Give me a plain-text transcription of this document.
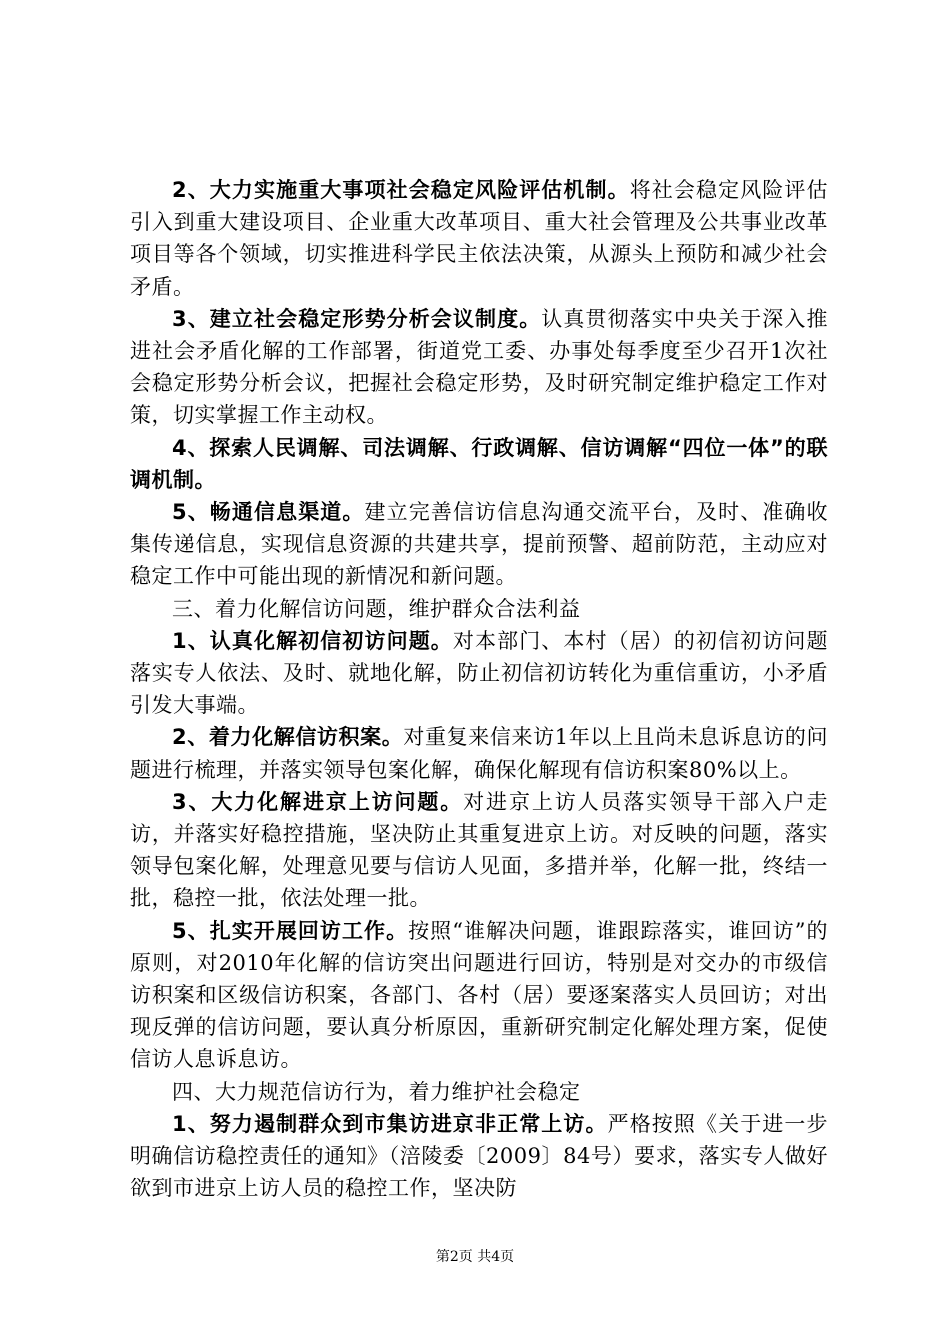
2、大力实施重大事项社会稳定风险评估机制。将社会稳定风险评估引入到重大建设项目、企业重大改革项目、重大社会管理及公共事业改革项目等各个领域，切实推进科学民主依法决策，从源头上预防和减少社会矛盾。

3、建立社会稳定形势分析会议制度。认真贯彻落实中央关于深入推进社会矛盾化解的工作部署，街道党工委、办事处每季度至少召开1次社会稳定形势分析会议，把握社会稳定形势，及时研究制定维护稳定工作对策，切实掌握工作主动权。

4、探索人民调解、司法调解、行政调解、信访调解“四位一体”的联调机制。

5、畅通信息渠道。建立完善信访信息沟通交流平台，及时、准确收集传递信息，实现信息资源的共建共享，提前预警、超前防范，主动应对稳定工作中可能出现的新情况和新问题。

三、着力化解信访问题，维护群众合法利益

1、认真化解初信初访问题。对本部门、本村（居）的初信初访问题落实专人依法、及时、就地化解，防止初信初访转化为重信重访，小矛盾引发大事端。

2、着力化解信访积案。对重复来信来访1年以上且尚未息诉息访的问题进行梳理，并落实领导包案化解，确保化解现有信访积案80%以上。

3、大力化解进京上访问题。对进京上访人员落实领导干部入户走访，并落实好稳控措施，坚决防止其重复进京上访。对反映的问题，落实领导包案化解，处理意见要与信访人见面，多措并举，化解一批，终结一批，稳控一批，依法处理一批。

5、扎实开展回访工作。按照“谁解决问题，谁跟踪落实，谁回访”的原则，对2010年化解的信访突出问题进行回访，特别是对交办的市级信访积案和区级信访积案，各部门、各村（居）要逐案落实人员回访；对出现反弹的信访问题，要认真分析原因，重新研究制定化解处理方案，促使信访人息诉息访。

四、大力规范信访行为，着力维护社会稳定

1、努力遏制群众到市集访进京非正常上访。严格按照《关于进一步明确信访稳控责任的通知》（涪陵委〔2009〕84号）要求，落实专人做好欲到市进京上访人员的稳控工作，坚决防

第2页 共4页
